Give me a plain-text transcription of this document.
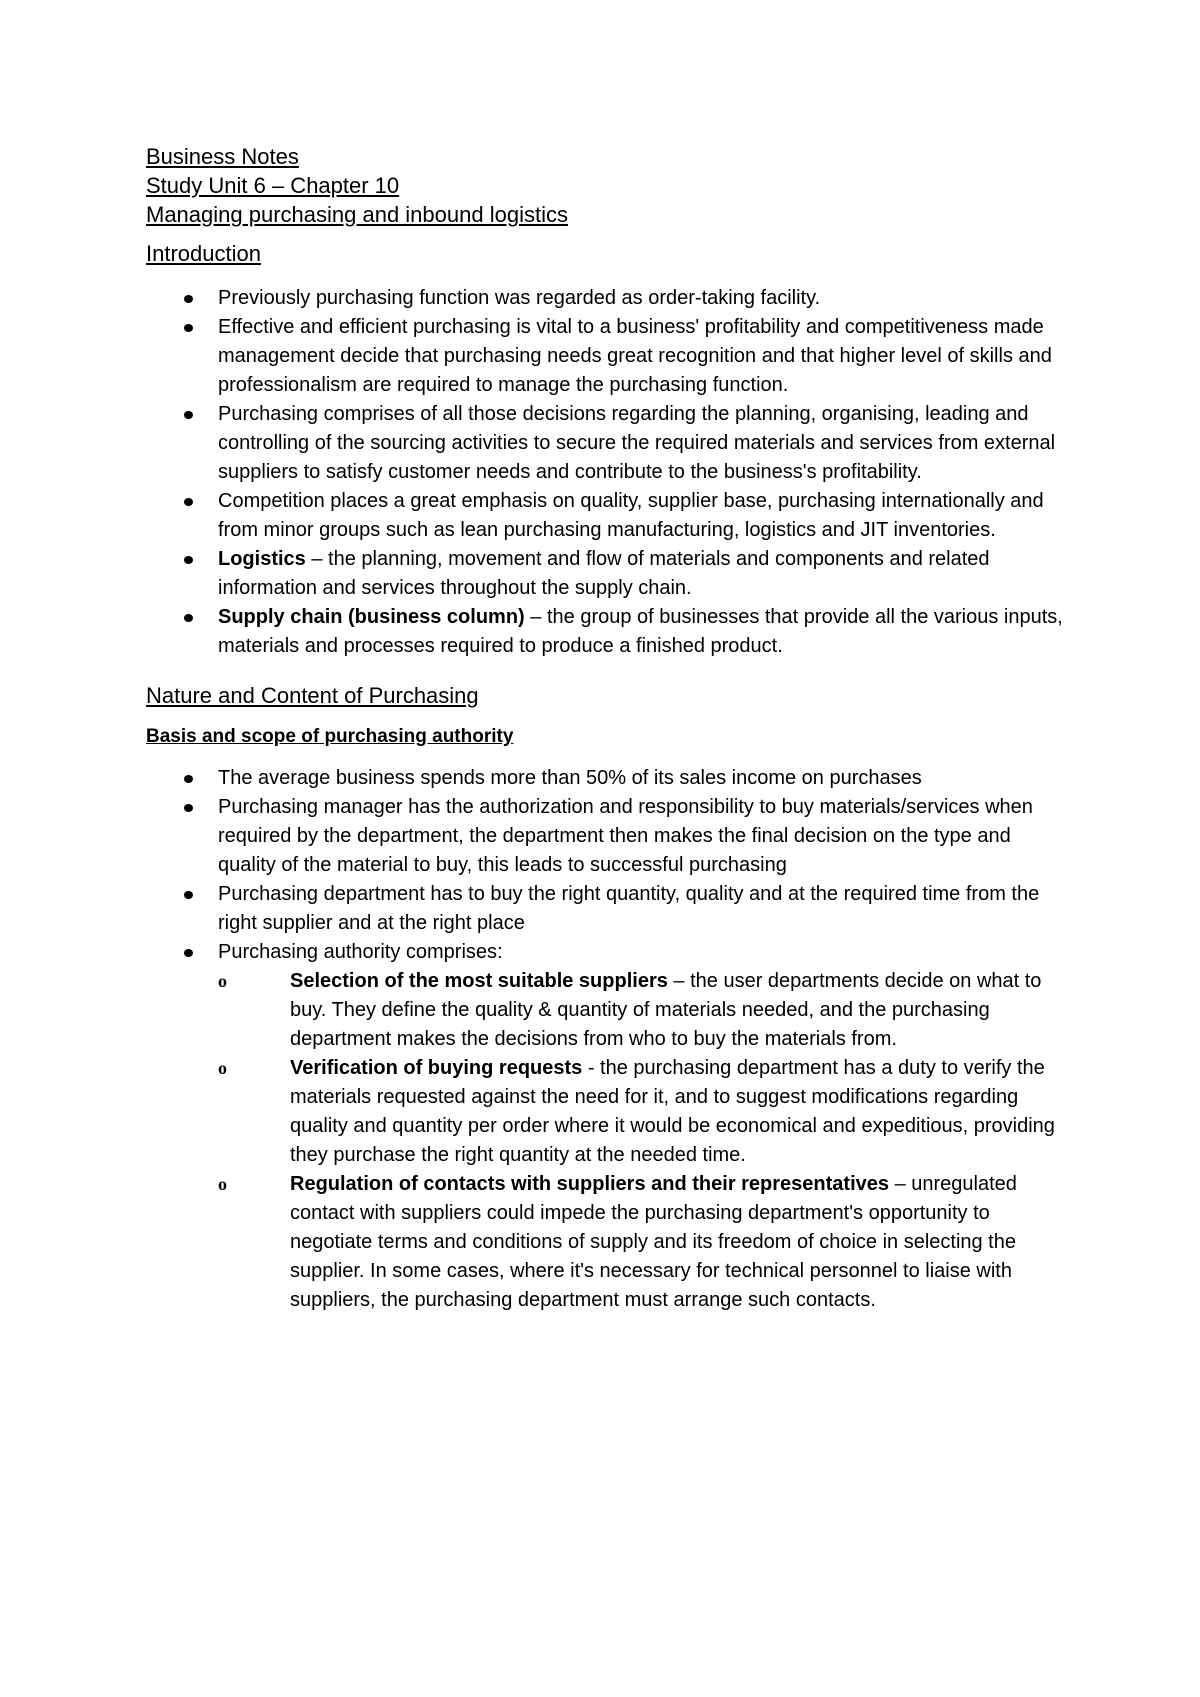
Business Notes

Study Unit 6 – Chapter 10

Managing purchasing and inbound logistics

Introduction
Previously purchasing function was regarded as order-taking facility.
Effective and efficient purchasing is vital to a business' profitability and competitiveness made management decide that purchasing needs great recognition and that higher level of skills and professionalism are required to manage the purchasing function.
Purchasing comprises of all those decisions regarding the planning, organising, leading and controlling of the sourcing activities to secure the required materials and services from external suppliers to satisfy customer needs and contribute to the business's profitability.
Competition places a great emphasis on quality, supplier base, purchasing internationally and from minor groups such as lean purchasing manufacturing, logistics and JIT inventories.
Logistics – the planning, movement and flow of materials and components and related information and services throughout the supply chain.
Supply chain (business column) – the group of businesses that provide all the various inputs, materials and processes required to produce a finished product.
Nature and Content of Purchasing
Basis and scope of purchasing authority
The average business spends more than 50% of its sales income on purchases
Purchasing manager has the authorization and responsibility to buy materials/services when required by the department, the department then makes the final decision on the type and quality of the material to buy, this leads to successful purchasing
Purchasing department has to buy the right quantity, quality and at the required time from the right supplier and at the right place
Purchasing authority comprises:
o	Selection of the most suitable suppliers – the user departments decide on what to buy. They define the quality & quantity of materials needed, and the purchasing department makes the decisions from who to buy the materials from.
o	Verification of buying requests - the purchasing department has a duty to verify the materials requested against the need for it, and to suggest modifications regarding quality and quantity per order where it would be economical and expeditious, providing they purchase the right quantity at the needed time.
o	Regulation of contacts with suppliers and their representatives – unregulated contact with suppliers could impede the purchasing department's opportunity to negotiate terms and conditions of supply and its freedom of choice in selecting the supplier. In some cases, where it's necessary for technical personnel to liaise with suppliers, the purchasing department must arrange such contacts.
